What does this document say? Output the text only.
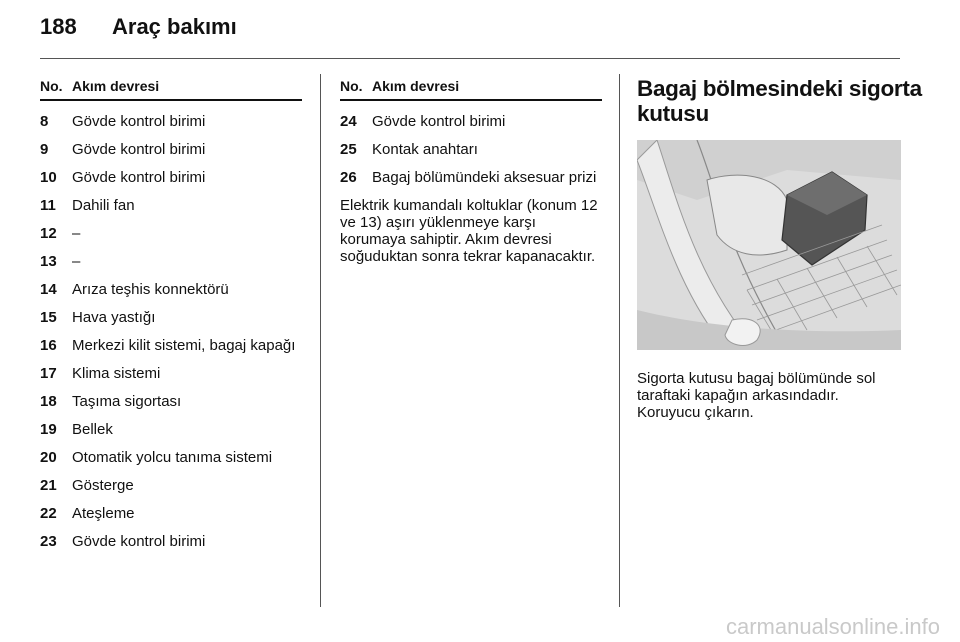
188	Araç bakımı
No. Akım devresi
8	Gövde kontrol birimi
9	Gövde kontrol birimi
10	Gövde kontrol birimi
11	Dahili fan
12	–
13	–
14	Arıza teşhis konnektörü
15	Hava yastığı
16	Merkezi kilit sistemi, bagaj kapağı
17	Klima sistemi
18	Taşıma sigortası
19	Bellek
20	Otomatik yolcu tanıma sistemi
21	Gösterge
22	Ateşleme
23	Gövde kontrol birimi
No. Akım devresi
24	Gövde kontrol birimi
25	Kontak anahtarı
26	Bagaj bölümündeki aksesuar prizi

Elektrik kumandalı koltuklar (konum 12 ve 13) aşırı yüklenmeye karşı korumaya sahiptir. Akım devresi soğuduktan sonra tekrar kapanacaktır.

Bagaj bölmesindeki sigorta
kutusu

Sigorta kutusu bagaj bölümünde sol taraftaki kapağın arkasındadır. Koruyucu çıkarın.

carmanualsonline.info
